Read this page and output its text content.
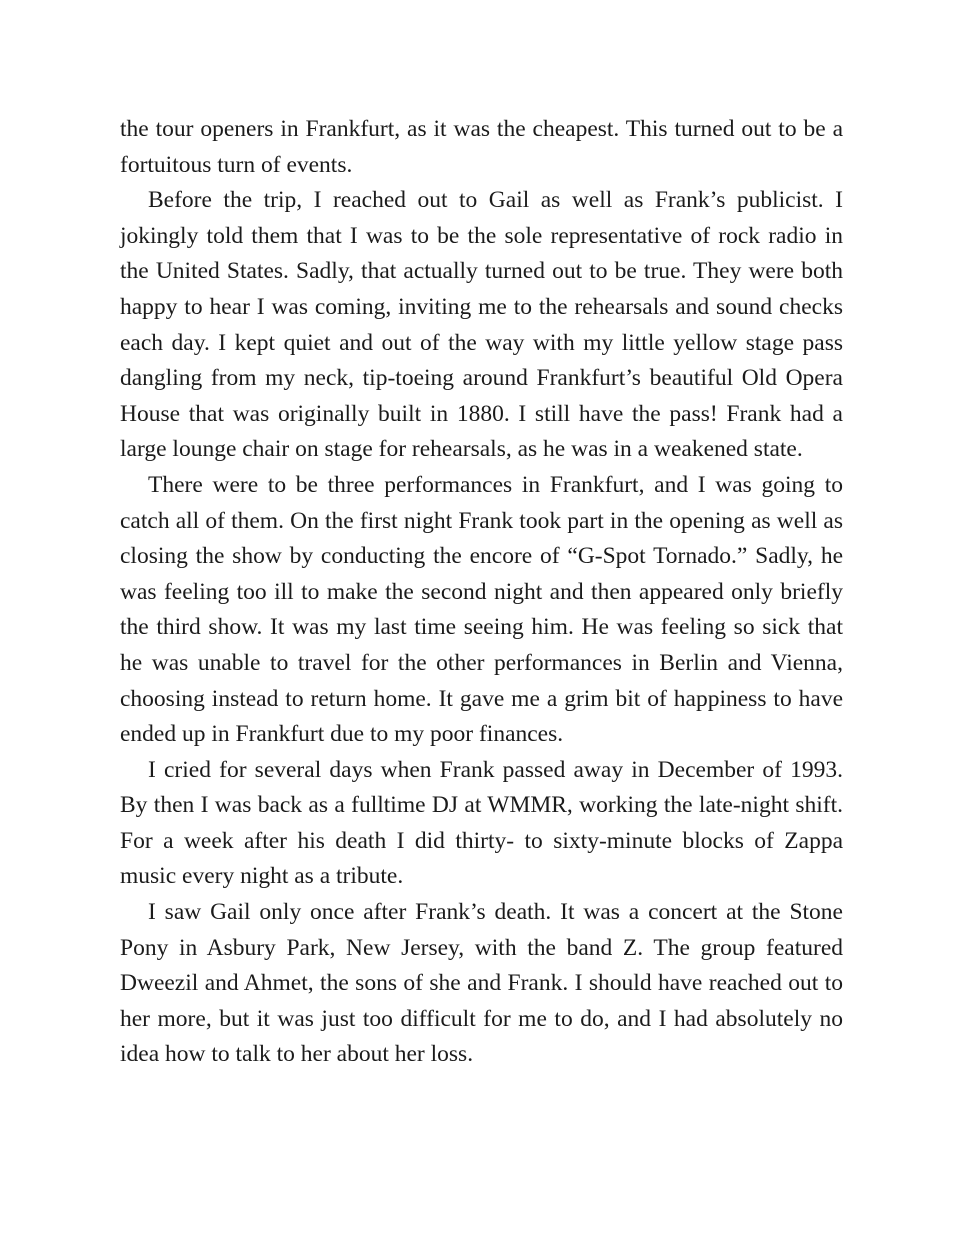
the tour openers in Frankfurt, as it was the cheapest. This turned out to be a fortuitous turn of events.

Before the trip, I reached out to Gail as well as Frank’s publicist. I jokingly told them that I was to be the sole representative of rock radio in the United States. Sadly, that actually turned out to be true. They were both happy to hear I was coming, inviting me to the rehearsals and sound checks each day. I kept quiet and out of the way with my little yellow stage pass dangling from my neck, tip-toeing around Frankfurt’s beautiful Old Opera House that was originally built in 1880. I still have the pass! Frank had a large lounge chair on stage for rehearsals, as he was in a weakened state.

There were to be three performances in Frankfurt, and I was going to catch all of them. On the first night Frank took part in the opening as well as closing the show by conducting the encore of “G-Spot Tornado.” Sadly, he was feeling too ill to make the second night and then appeared only briefly the third show. It was my last time seeing him. He was feeling so sick that he was unable to travel for the other performances in Berlin and Vienna, choosing instead to return home. It gave me a grim bit of happiness to have ended up in Frankfurt due to my poor finances.

I cried for several days when Frank passed away in December of 1993. By then I was back as a fulltime DJ at WMMR, working the late-night shift. For a week after his death I did thirty- to sixty-minute blocks of Zappa music every night as a tribute.

I saw Gail only once after Frank’s death. It was a concert at the Stone Pony in Asbury Park, New Jersey, with the band Z. The group featured Dweezil and Ahmet, the sons of she and Frank. I should have reached out to her more, but it was just too difficult for me to do, and I had absolutely no idea how to talk to her about her loss.
